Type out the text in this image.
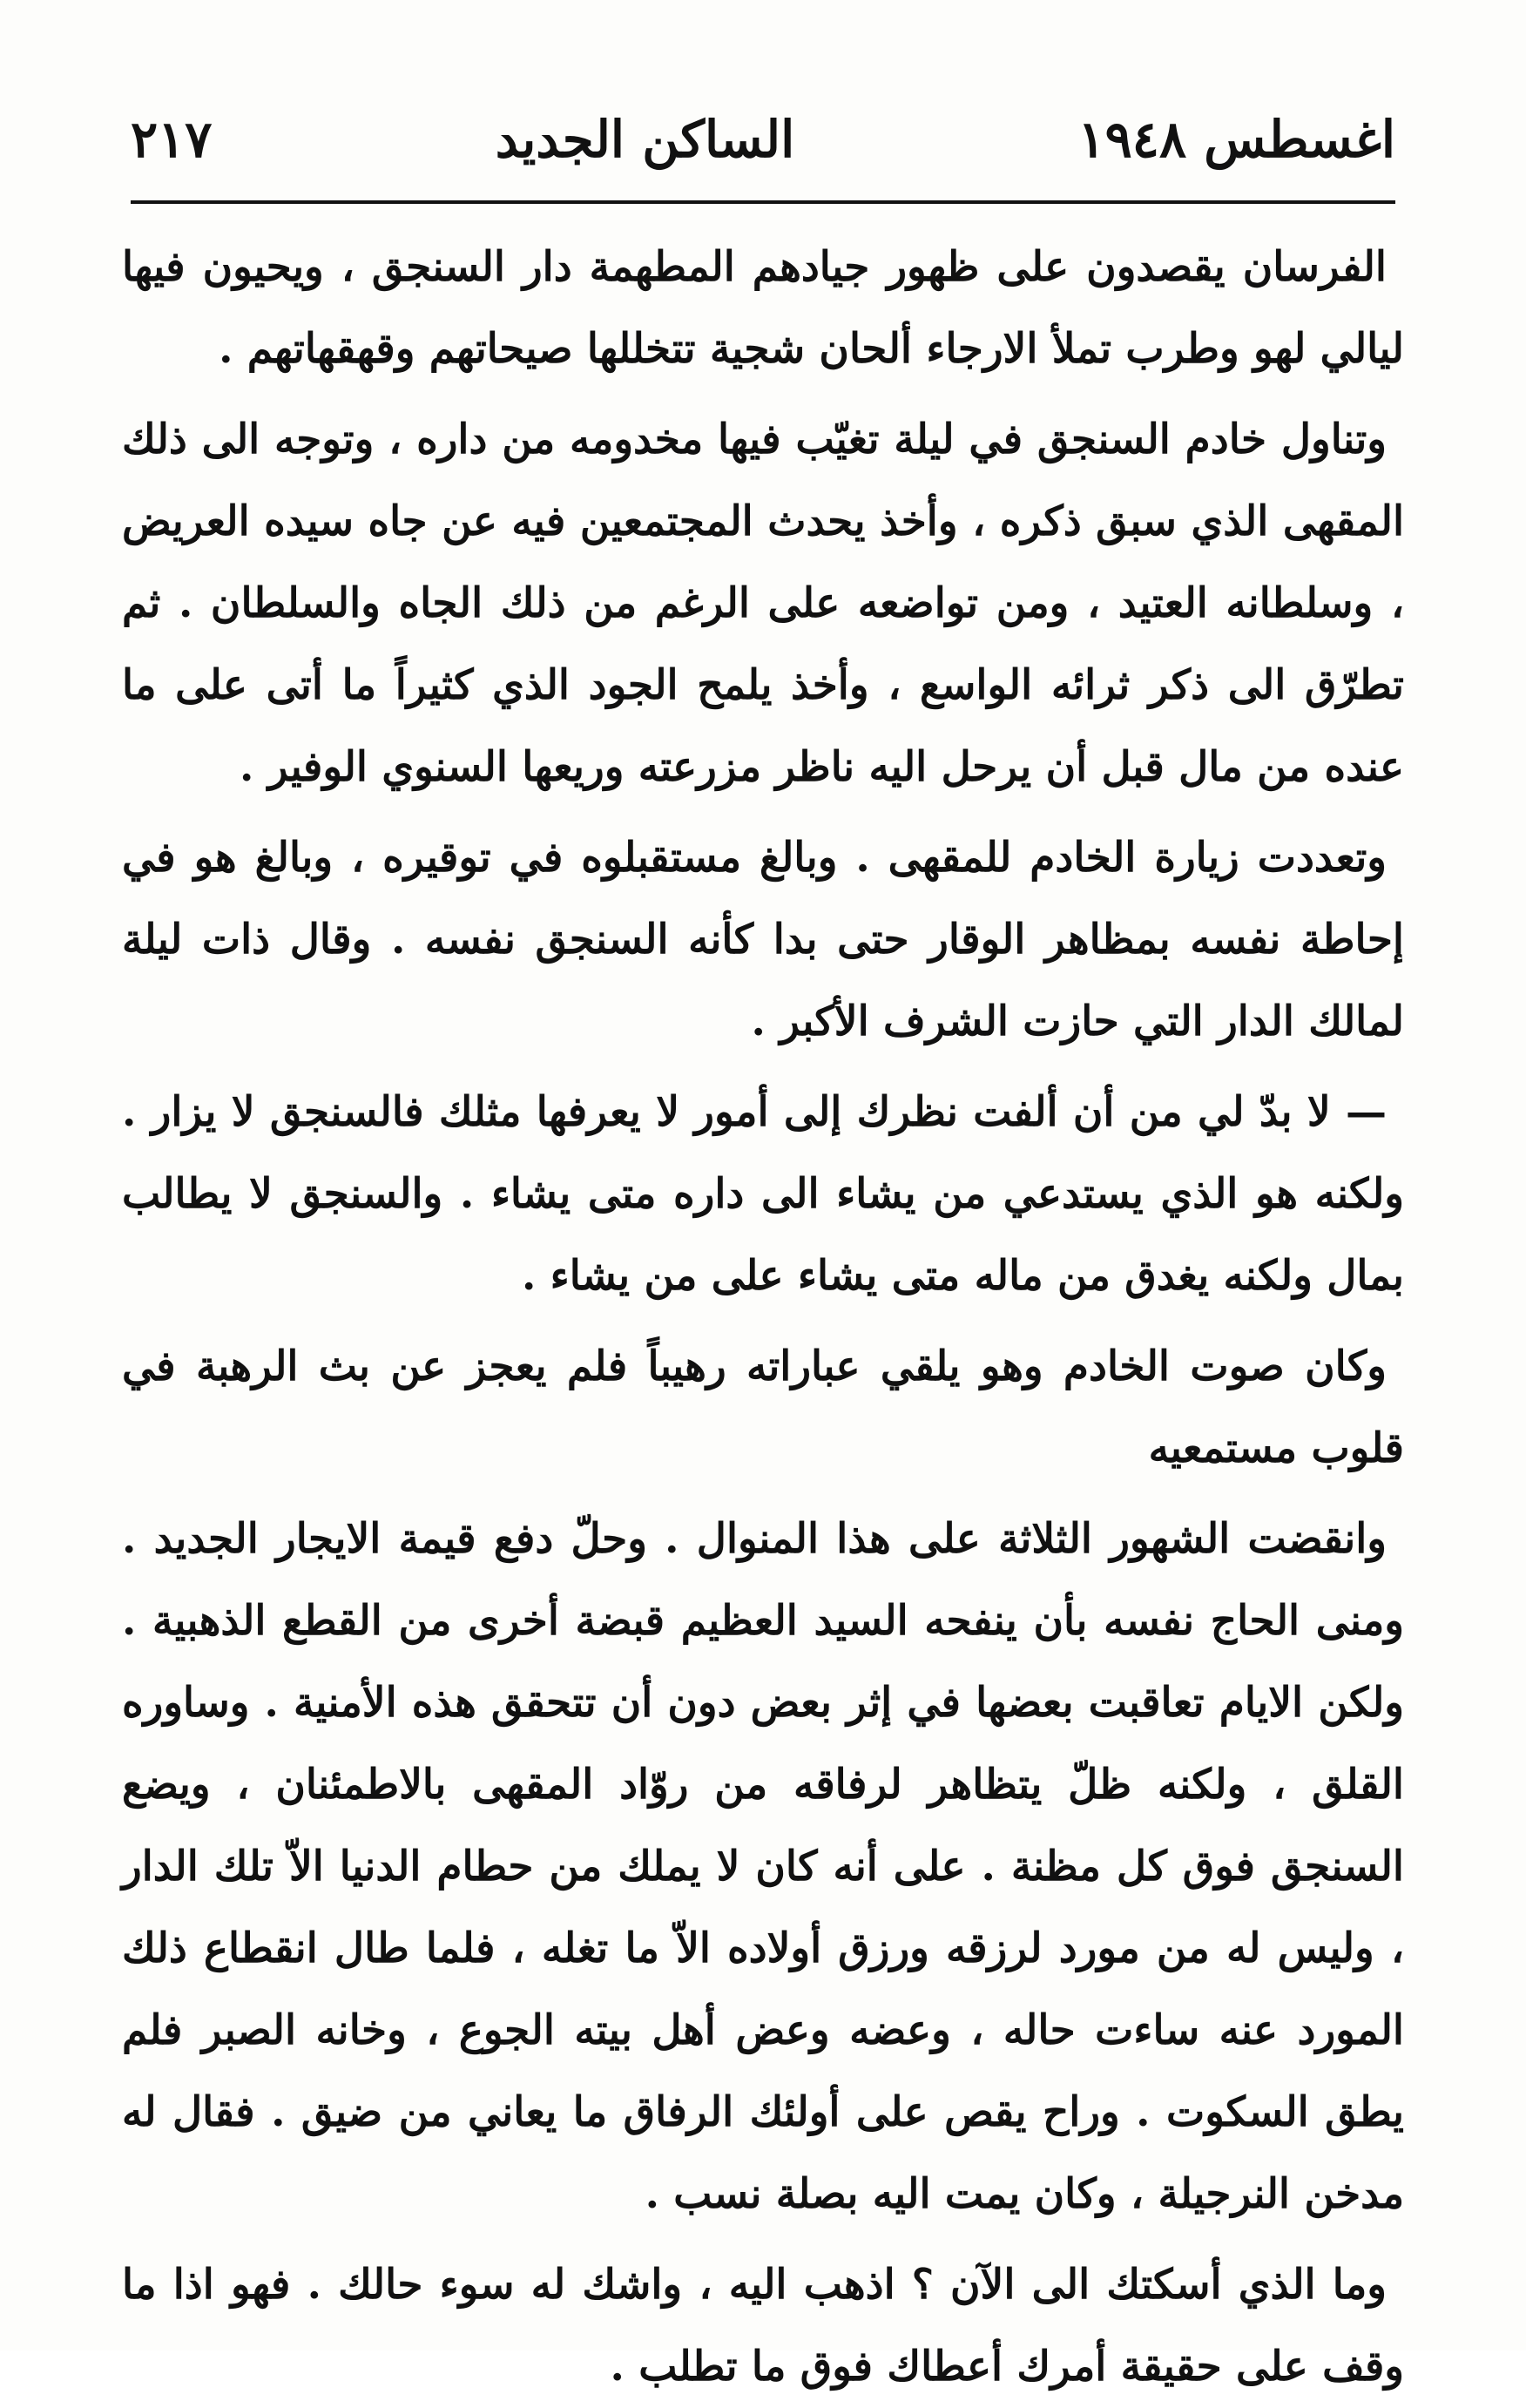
اغسطس ١٩٤٨
الساكن الجديد
٢١٧

الفرسان يقصدون على ظهور جيادهم المطهمة دار السنجق ، ويحيون فيها ليالي لهو وطرب تملأ الارجاء ألحان شجية تتخللها صيحاتهم وقهقهاتهم .

وتناول خادم السنجق في ليلة تغيّب فيها مخدومه من داره ، وتوجه الى ذلك المقهى الذي سبق ذكره ، وأخذ يحدث المجتمعين فيه عن جاه سيده العريض ، وسلطانه العتيد ، ومن تواضعه على الرغم من ذلك الجاه والسلطان . ثم تطرّق الى ذكر ثرائه الواسع ، وأخذ يلمح الجود الذي كثيراً ما أتى على ما عنده من مال قبل أن يرحل اليه ناظر مزرعته وريعها السنوي الوفير .

وتعددت زيارة الخادم للمقهى . وبالغ مستقبلوه في توقيره ، وبالغ هو في إحاطة نفسه بمظاهر الوقار حتى بدا كأنه السنجق نفسه . وقال ذات ليلة لمالك الدار التي حازت الشرف الأكبر .

— لا بدّ لي من أن ألفت نظرك إلى أمور لا يعرفها مثلك فالسنجق لا يزار . ولكنه هو الذي يستدعي من يشاء الى داره متى يشاء . والسنجق لا يطالب بمال ولكنه يغدق من ماله متى يشاء على من يشاء .

وكان صوت الخادم وهو يلقي عباراته رهيباً فلم يعجز عن بث الرهبة في قلوب مستمعيه

وانقضت الشهور الثلاثة على هذا المنوال . وحلّ دفع قيمة الايجار الجديد . ومنى الحاج نفسه بأن ينفحه السيد العظيم قبضة أخرى من القطع الذهبية . ولكن الايام تعاقبت بعضها في إثر بعض دون أن تتحقق هذه الأمنية . وساوره القلق ، ولكنه ظلّ يتظاهر لرفاقه من روّاد المقهى بالاطمئنان ، ويضع السنجق فوق كل مظنة . على أنه كان لا يملك من حطام الدنيا الاّ تلك الدار ، وليس له من مورد لرزقه ورزق أولاده الاّ ما تغله ، فلما طال انقطاع ذلك المورد عنه ساءت حاله ، وعضه وعض أهل بيته الجوع ، وخانه الصبر فلم يطق السكوت . وراح يقص على أولئك الرفاق ما يعاني من ضيق . فقال له مدخن النرجيلة ، وكان يمت اليه بصلة نسب .

وما الذي أسكتك الى الآن ؟ اذهب اليه ، واشك له سوء حالك . فهو اذا ما وقف على حقيقة أمرك أعطاك فوق ما تطلب .
